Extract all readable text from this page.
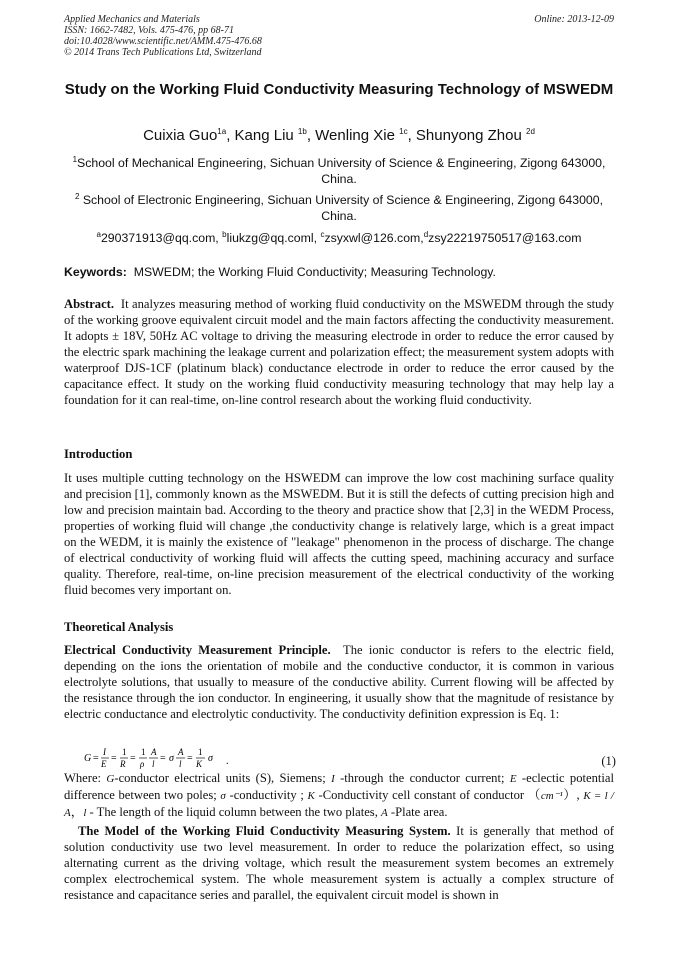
Applied Mechanics and Materials
ISSN: 1662-7482, Vols. 475-476, pp 68-71
doi:10.4028/www.scientific.net/AMM.475-476.68
© 2014 Trans Tech Publications Ltd, Switzerland
Online: 2013-12-09
Study on the Working Fluid Conductivity Measuring Technology of MSWEDM
Cuixia Guo$^{1a}$, Kang Liu $^{1b}$, Wenling Xie $^{1c}$, Shunyong Zhou $^{2d}$
$^1$School of Mechanical Engineering, Sichuan University of Science & Engineering, Zigong 643000, China.
$^2$ School of Electronic Engineering, Sichuan University of Science & Engineering, Zigong 643000, China.
$^a$290371913@qq.com, $^b$liukzg@qq.coml, $^c$zsyxwl@126.com,$^d$zsy22219750517@163.com
Keywords: MSWEDM; the Working Fluid Conductivity; Measuring Technology.
Abstract. It analyzes measuring method of working fluid conductivity on the MSWEDM through the study of the working groove equivalent circuit model and the main factors affecting the conductivity measurement. It adopts ± 18V, 50Hz AC voltage to driving the measuring electrode in order to reduce the error caused by the electric spark machining the leakage current and polarization effect; the measurement system adopts with waterproof DJS-1CF (platinum black) conductance electrode in order to reduce the error caused by the capacitance effect. It study on the working fluid conductivity measuring technology that may help lay a foundation for it can real-time, on-line control research about the working fluid conductivity.
Introduction
It uses multiple cutting technology on the HSWEDM can improve the low cost machining surface quality and precision [1], commonly known as the MSWEDM. But it is still the defects of cutting precision high and low and precision maintain bad. According to the theory and practice show that [2,3] in the WEDM Process, properties of working fluid will change ,the conductivity change is relatively large, which is a great impact on the WEDM, it is mainly the existence of "leakage" phenomenon in the process of discharge. The change of electrical conductivity of working fluid will affects the cutting speed, machining accuracy and surface quality. Therefore, real-time, on-line precision measurement of the electrical conductivity of the working fluid becomes very important on.
Theoretical Analysis
Electrical Conductivity Measurement Principle. The ionic conductor is refers to the electric field, depending on the ions the orientation of mobile and the conductive conductor, it is common in various electrolyte solutions, that usually to measure of the conductive ability. Current flowing will be affected by the resistance through the ion conductor. In engineering, it usually show that the magnitude of resistance by electric conductance and electrolytic conductivity. The conductivity definition expression is Eq. 1:
G =
I
E =
1
R =
1
ρ
A
l = σ
A
l =
1
K σ .	(1)
Where: G-conductor electrical units (S), Siemens; I -through the conductor current; E -eclectic potential difference between two poles; σ -conductivity ; K -Conductivity cell constant of conductor （cm⁻¹）, K = l / A，l - The length of the liquid column between the two plates, A -Plate area.
The Model of the Working Fluid Conductivity Measuring System. It is generally that method of solution conductivity use two level measurement. In order to reduce the polarization effect, so using alternating current as the driving voltage, which result the measurement system becomes an extremely complex electrochemical system. The whole measurement system is actually a complex structure of resistance and capacitance series and parallel, the equivalent circuit model is shown in
